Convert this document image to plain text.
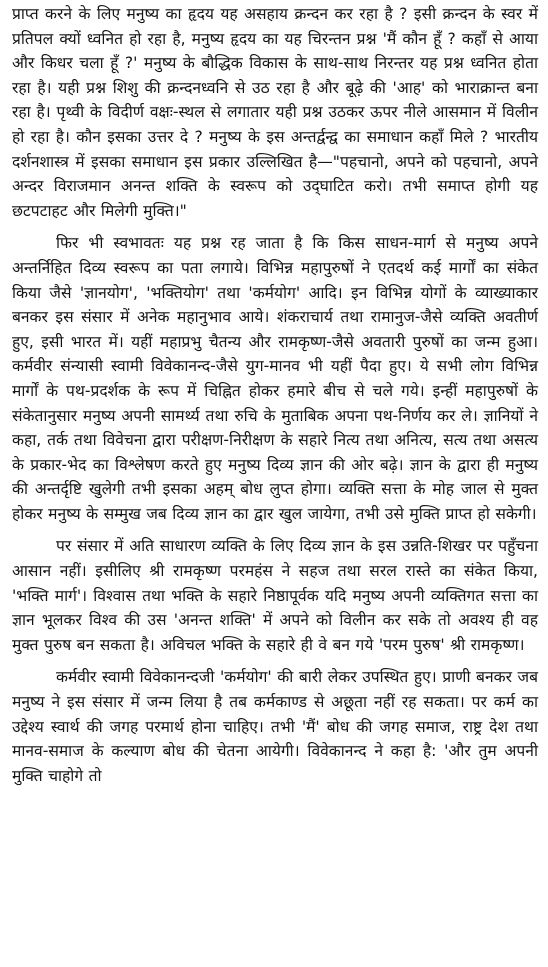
प्राप्त करने के लिए मनुष्य का हृदय यह असहाय क्रन्दन कर रहा है ? इसी क्रन्दन के स्वर में प्रतिपल क्यों ध्वनित हो रहा है, मनुष्य हृदय का यह चिरन्तन प्रश्न 'मैं कौन हूँ ? कहाँ से आया और किधर चला हूँ ?' मनुष्य के बौद्धिक विकास के साथ-साथ निरन्तर यह प्रश्न ध्वनित होता रहा है। यही प्रश्न शिशु की क्रन्दनध्वनि से उठ रहा है और बूढ़े की 'आह' को भाराक्रान्त बना रहा है। पृथ्वी के विदीर्ण वक्षः-स्थल से लगातार यही प्रश्न उठकर ऊपर नीले आसमान में विलीन हो रहा है। कौन इसका उत्तर दे ? मनुष्य के इस अन्तर्द्वन्द्व का समाधान कहाँ मिले ? भारतीय दर्शनशास्त्र में इसका समाधान इस प्रकार उल्लिखित है—"पहचानो, अपने को पहचानो, अपने अन्दर विराजमान अनन्त शक्ति के स्वरूप को उद्‌घाटित करो। तभी समाप्त होगी यह छटपटाहट और मिलेगी मुक्ति।"

फिर भी स्वभावतः यह प्रश्न रह जाता है कि किस साधन-मार्ग से मनुष्य अपने अन्तर्निहित दिव्य स्वरूप का पता लगाये। विभिन्न महापुरुषों ने एतदर्थ कई मार्गों का संकेत किया जैसे 'ज्ञानयोग', 'भक्तियोग' तथा 'कर्मयोग' आदि। इन विभिन्न योगों के व्याख्याकार बनकर इस संसार में अनेक महानुभाव आये। शंकराचार्य तथा रामानुज-जैसे व्यक्ति अवतीर्ण हुए, इसी भारत में। यहीं महाप्रभु चैतन्य और रामकृष्ण-जैसे अवतारी पुरुषों का जन्म हुआ। कर्मवीर संन्यासी स्वामी विवेकानन्द-जैसे युग-मानव भी यहीं पैदा हुए। ये सभी लोग विभिन्न मार्गों के पथ-प्रदर्शक के रूप में चिह्नित होकर हमारे बीच से चले गये। इन्हीं महापुरुषों के संकेतानुसार मनुष्य अपनी सामर्थ्य तथा रुचि के मुताबिक अपना पथ-निर्णय कर ले। ज्ञानियों ने कहा, तर्क तथा विवेचना द्वारा परीक्षण-निरीक्षण के सहारे नित्य तथा अनित्य, सत्य तथा असत्य के प्रकार-भेद का विश्लेषण करते हुए मनुष्य दिव्य ज्ञान की ओर बढ़े। ज्ञान के द्वारा ही मनुष्य की अन्तर्दृष्टि खुलेगी तभी इसका अहम्‌ बोध लुप्त होगा। व्यक्ति सत्ता के मोह जाल से मुक्त होकर मनुष्य के सम्मुख जब दिव्य ज्ञान का द्वार खुल जायेगा, तभी उसे मुक्ति प्राप्त हो सकेगी।

पर संसार में अति साधारण व्यक्ति के लिए दिव्य ज्ञान के इस उन्नति-शिखर पर पहुँचना आसान नहीं। इसीलिए श्री रामकृष्ण परमहंस ने सहज तथा सरल रास्ते का संकेत किया, 'भक्ति मार्ग'। विश्वास तथा भक्ति के सहारे निष्ठापूर्वक यदि मनुष्य अपनी व्यक्तिगत सत्ता का ज्ञान भूलकर विश्व की उस 'अनन्त शक्ति' में अपने को विलीन कर सके तो अवश्य ही वह मुक्त पुरुष बन सकता है। अविचल भक्ति के सहारे ही वे बन गये 'परम पुरुष' श्री रामकृष्ण।

कर्मवीर स्वामी विवेकानन्दजी 'कर्मयोग' की बारी लेकर उपस्थित हुए। प्राणी बनकर जब मनुष्य ने इस संसार में जन्म लिया है तब कर्मकाण्ड से अछूता नहीं रह सकता। पर कर्म का उद्देश्य स्वार्थ की जगह परमार्थ होना चाहिए। तभी 'मैं' बोध की जगह समाज, राष्ट्र देश तथा मानव-समाज के कल्याण बोध की चेतना आयेगी। विवेकानन्द ने कहा है: 'और तुम अपनी मुक्ति चाहोगे तो
